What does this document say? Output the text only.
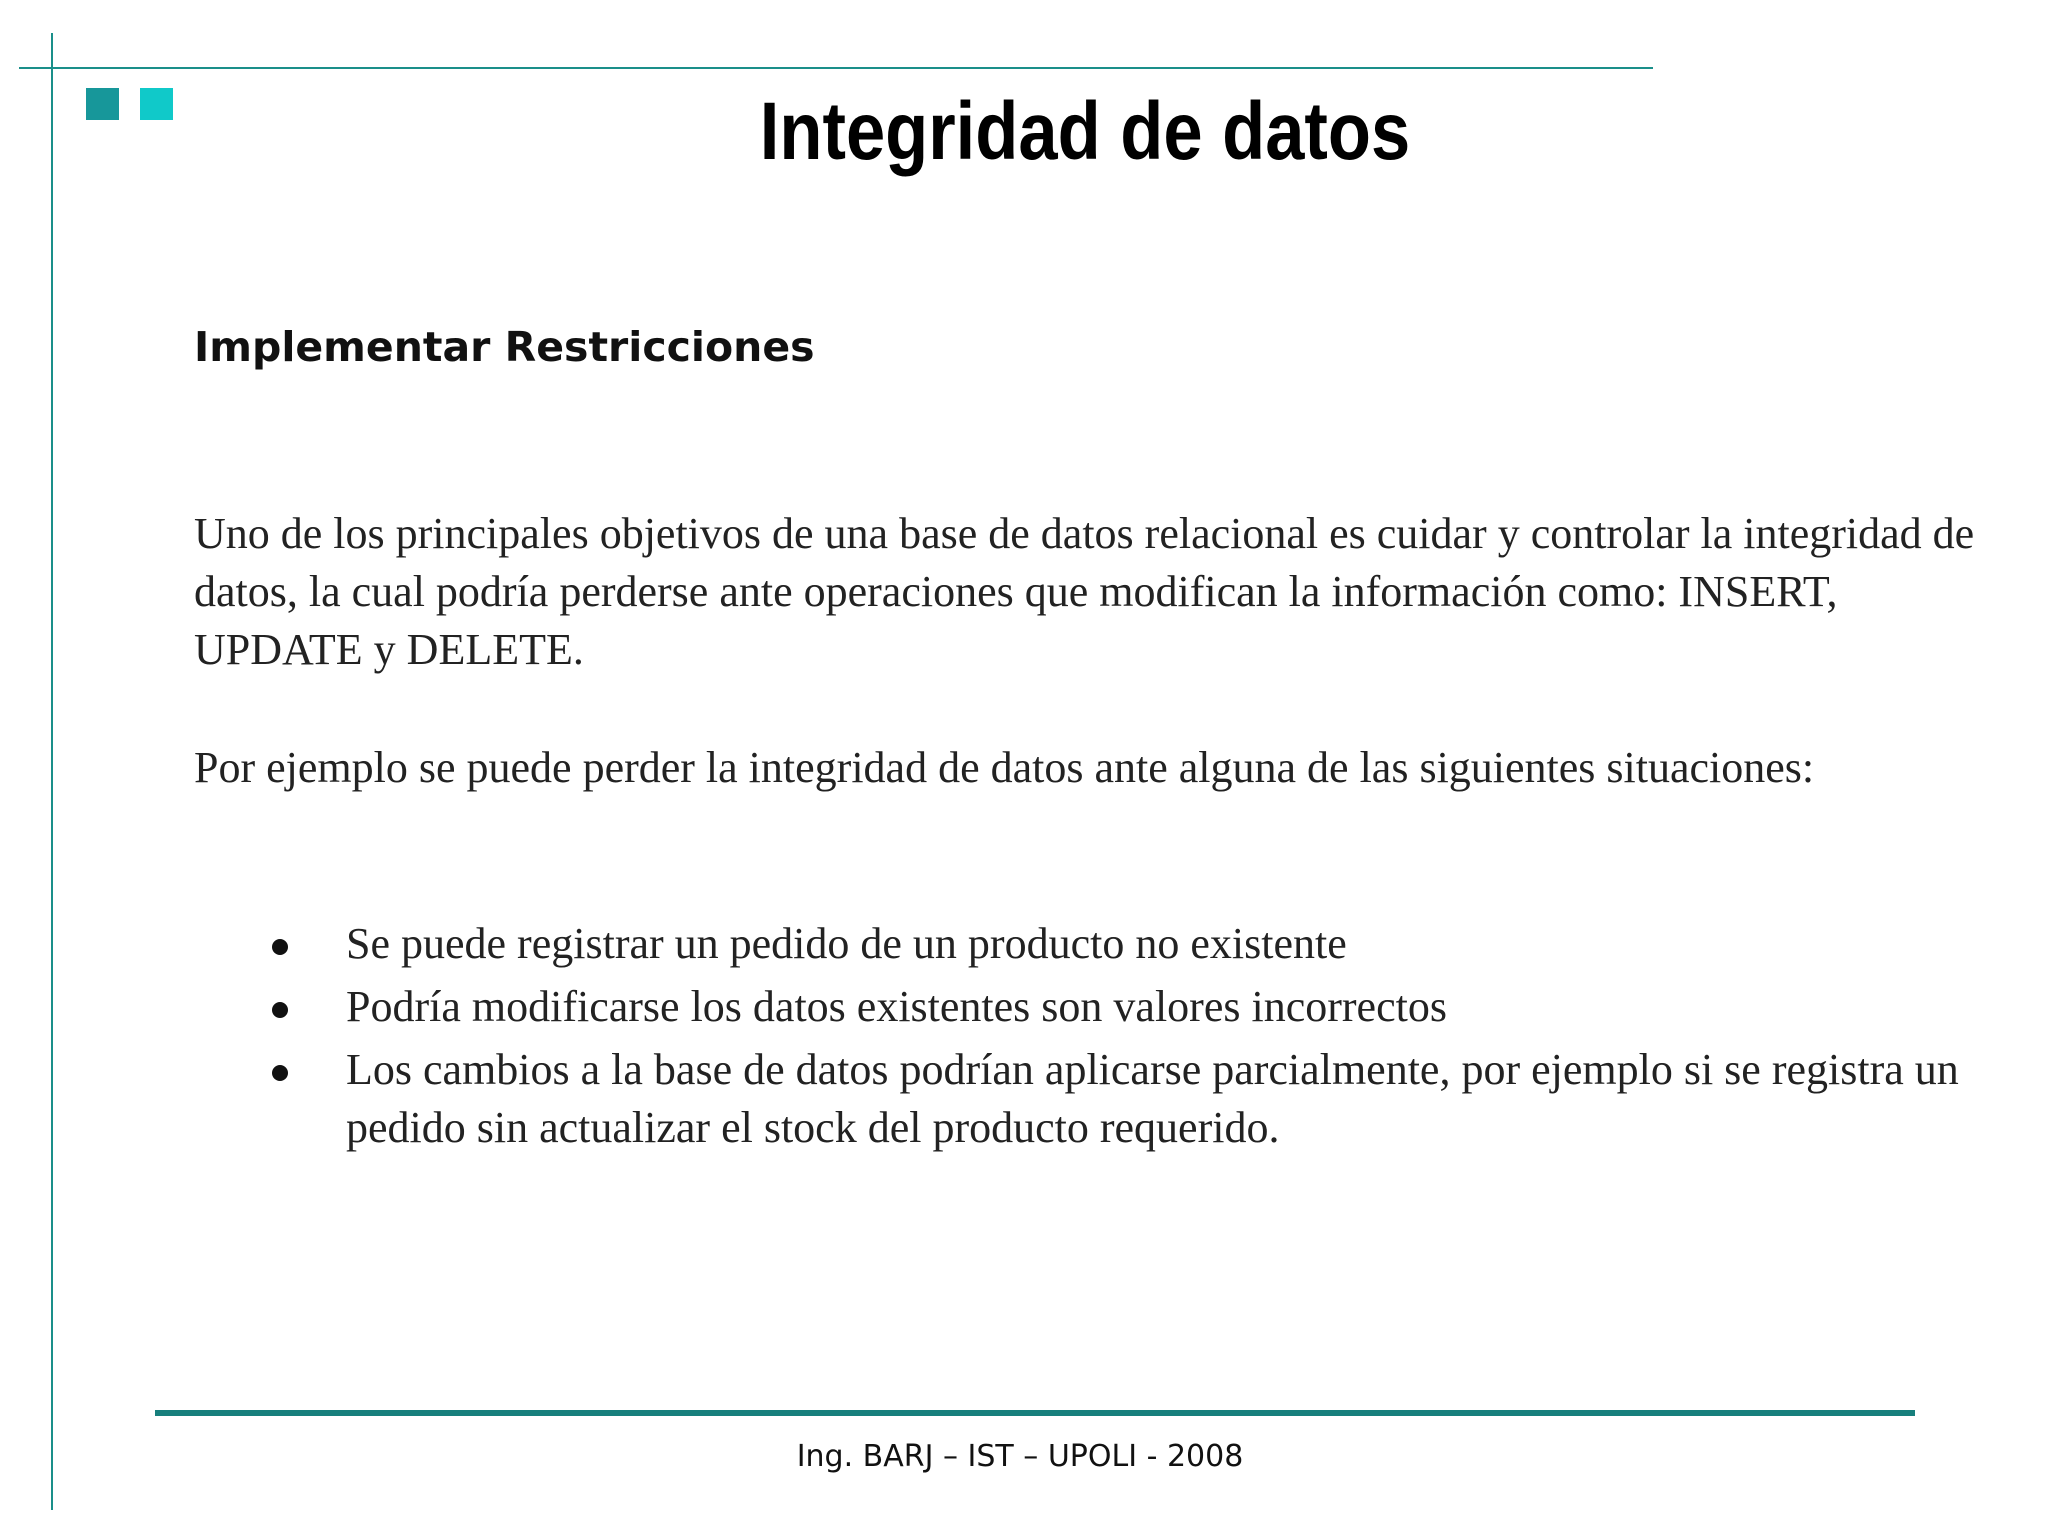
Integridad de datos
Implementar Restricciones
Uno de los principales objetivos de una base de datos relacional es cuidar y controlar la integridad de datos, la cual podría perderse ante operaciones que modifican la información como: INSERT, UPDATE y DELETE.
Por ejemplo se puede perder la integridad de datos ante alguna de las siguientes situaciones:
Se puede registrar un pedido de un producto no existente
Podría modificarse los datos existentes son valores incorrectos
Los cambios a la base de datos podrían aplicarse parcialmente, por ejemplo si se registra un pedido sin actualizar el stock del producto requerido.
Ing. BARJ – IST – UPOLI - 2008
